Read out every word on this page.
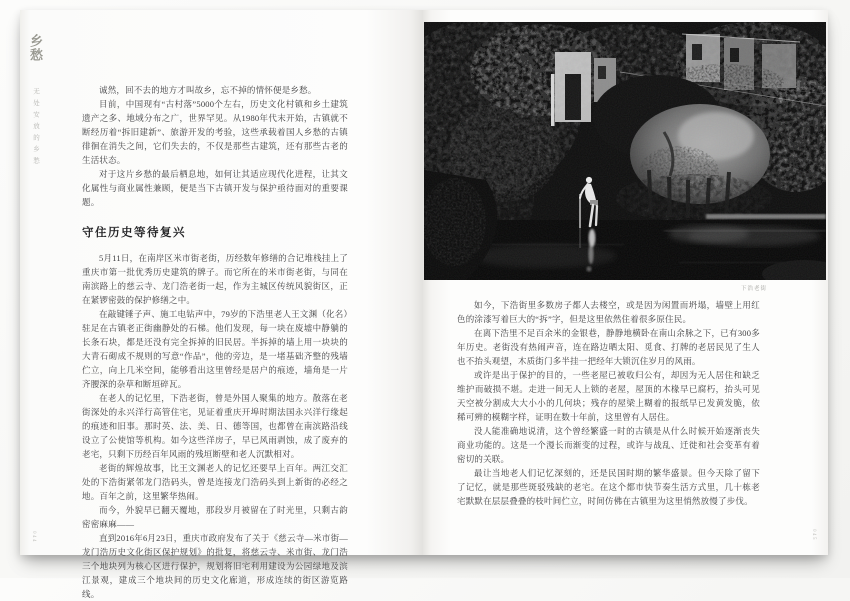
乡愁
无处安放的乡愁	诚然，回不去的地方才叫故乡，忘不掉的情怀便是乡愁。

目前，中国现有“古村落”5000个左右，历史文化村镇和乡土建筑遗产之多、地域分布之广，世界罕见。从1980年代末开始，古镇就不断经历着“拆旧建新”、旅游开发的考验，这些承载着国人乡愁的古镇徘徊在消失之间，它们失去的，不仅是那些古建筑，还有那些古老的生活状态。

对于这片乡愁的最后栖息地，如何让其适应现代化进程，让其文化属性与商业属性兼顾，便是当下古镇开发与保护亟待面对的重要课题。

守住历史等待复兴

5月11日，在南岸区米市街老街，历经数年修缮的合记堆栈挂上了重庆市第一批优秀历史建筑的牌子。而它所在的米市街老街，与同在南滨路上的慈云寺、龙门浩老街一起，作为主城区传统风貌街区，正在紧锣密鼓的保护修缮之中。

在敲键锤子声、施工电钻声中，79岁的下浩里老人王文渊（化名）驻足在古镇老正街幽静处的石梯。他们发现，每一块在废墟中静躺的长条石块，都是还没有完全拆掉的旧民居。半拆掉的墙上用一块块的大青石砌成不规则的写意“作品”，他的旁边，是一堵基础齐整的残墙伫立，向上几米空间，能够看出这里曾经是居户的痕迹，墙角是一片齐腰深的杂草和断垣碎瓦。

在老人的记忆里，下浩老街，曾是外国人聚集的地方。散落在老街深处的永兴洋行高管住宅，见证着重庆开埠时期法国永兴洋行缘起的痕迹和旧事。那时英、法、美、日、德等国，也都曾在南滨路沿线设立了公使馆等机构。如今这些洋房子，早已风雨剥蚀，成了废弃的老宅，只剩下历经百年风雨的残垣断壁和老人沉默相对。

老街的辉煌故事，比王文渊老人的记忆还要早上百年。两江交汇处的下浩街紧邻龙门浩码头，曾是连接龙门浩码头到上新街的必经之地。百年之前，这里繁华热闹。

而今，外貌早已翻天覆地，那段岁月被留在了时光里，只剩古韵密密麻麻——

直到2016年6月23日，重庆市政府发布了关于《慈云寺—米市街—龙门浩历史文化街区保护规划》的批复，将慈云寺、米市街、龙门浩三个地块列为核心区进行保护，规划将旧宅利用建设为公园绿地及滨江景观，建成三个地块间的历史文化廊道，形成连续的街区游览路线。

044
下浩老街

如今，下浩街里多数房子都人去楼空，或是因为闲置而坍塌，墙壁上用红色的涂漆写着巨大的“拆”字，但是这里依然住着很多原住民。

在离下浩里不足百余米的金银巷，静静地横卧在南山余脉之下，已有300多年历史。老街没有热闹声音，连在路边晒太阳、觅食、打牌的老居民见了生人也不抬头观望，木质街门多半挂一把经年大锁沉住岁月的风雨。

或许是出于保护的目的，一些老屋已被收归公有，却因为无人居住和缺乏维护而破损不堪。走进一间无人上锁的老屋，屋顶的木椽早已腐朽，抬头可见天空被分割成大大小小的几何块；残存的屋梁上糊着的报纸早已发黄发脆，依稀可辨的模糊字样，证明在数十年前，这里曾有人居住。

没人能准确地说清，这个曾经繁盛一时的古镇是从什么时候开始逐渐丧失商业功能的。这是一个漫长而渐变的过程，或许与战乱、迁徙和社会变革有着密切的关联。

最让当地老人们记忆深刻的，还是民国时期的繁华盛景。但今天除了留下了记忆，就是那些斑驳残缺的老宅。在这个都市快节奏生活方式里，几十栋老宅默默在层层叠叠的枝叶间伫立，时间仿佛在古镇里为这里悄然放慢了步伐。

045
